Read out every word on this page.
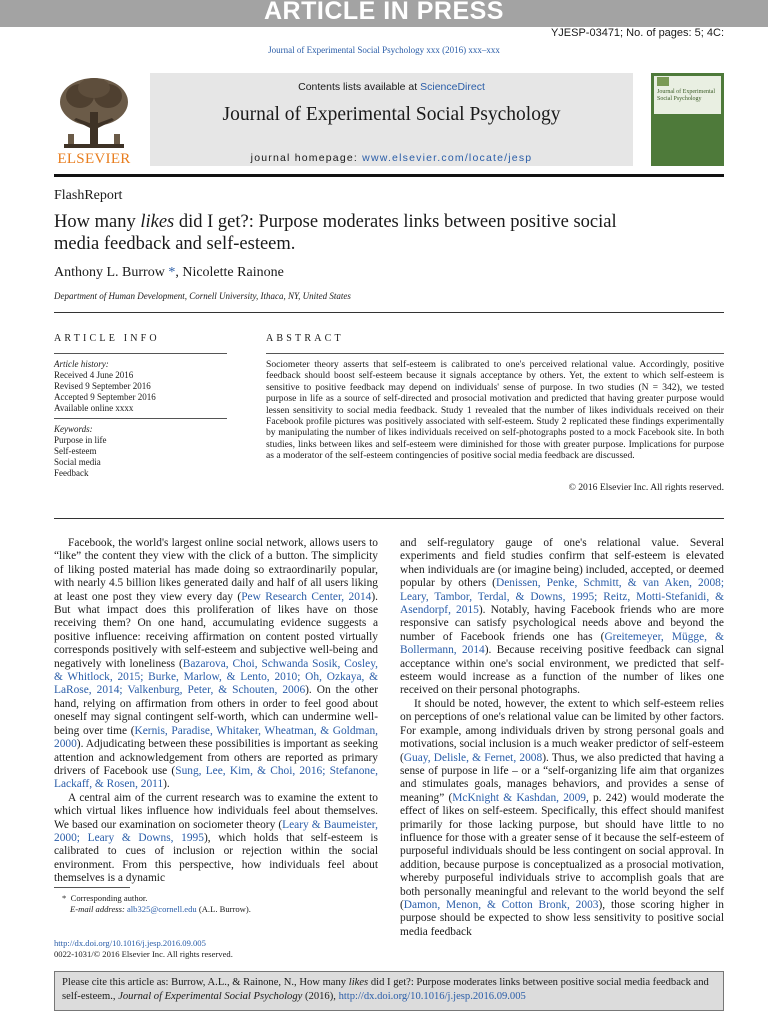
ARTICLE IN PRESS
YJESP-03471; No. of pages: 5; 4C:
Journal of Experimental Social Psychology xxx (2016) xxx–xxx
ELSEVIER
Contents lists available at ScienceDirect
Journal of Experimental Social Psychology
journal homepage: www.elsevier.com/locate/jesp
Journal of Experimental Social Psychology
FlashReport
How many likes did I get?: Purpose moderates links between positive social media feedback and self-esteem.
Anthony L. Burrow *, Nicolette Rainone
Department of Human Development, Cornell University, Ithaca, NY, United States
ARTICLE INFO	ABSTRACT
Article history:
Received 4 June 2016
Revised 9 September 2016
Accepted 9 September 2016
Available online xxxx
Keywords:
Purpose in life
Self-esteem
Social media
Feedback
Sociometer theory asserts that self-esteem is calibrated to one's perceived relational value. Accordingly, positive feedback should boost self-esteem because it signals acceptance by others. Yet, the extent to which self-esteem is sensitive to positive feedback may depend on individuals' sense of purpose. In two studies (N = 342), we tested purpose in life as a source of self-directed and prosocial motivation and predicted that having greater purpose would lessen sensitivity to social media feedback. Study 1 revealed that the number of likes individuals received on their Facebook profile pictures was positively associated with self-esteem. Study 2 replicated these findings experimentally by manipulating the number of likes individuals received on self-photographs posted to a mock Facebook site. In both studies, links between likes and self-esteem were diminished for those with greater purpose. Implications for purpose as a moderator of the self-esteem contingencies of positive social media feedback are discussed.
© 2016 Elsevier Inc. All rights reserved.

Facebook, the world's largest online social network, allows users to “like” the content they view with the click of a button. The simplicity of liking posted material has made doing so extraordinarily popular, with nearly 4.5 billion likes generated daily and half of all users liking at least one post they view every day (Pew Research Center, 2014). But what impact does this proliferation of likes have on those receiving them? On one hand, accumulating evidence suggests a positive influence: receiving affirmation on content posted virtually corresponds positively with self-esteem and subjective well-being and negatively with loneliness (Bazarova, Choi, Schwanda Sosik, Cosley, & Whitlock, 2015; Burke, Marlow, & Lento, 2010; Oh, Ozkaya, & LaRose, 2014; Valkenburg, Peter, & Schouten, 2006). On the other hand, relying on affirmation from others in order to feel good about oneself may signal contingent self-worth, which can undermine well-being over time (Kernis, Paradise, Whitaker, Wheatman, & Goldman, 2000). Adjudicating between these possibilities is important as seeking attention and acknowledgement from others are reported as primary drivers of Facebook use (Sung, Lee, Kim, & Choi, 2016; Stefanone, Lackaff, & Rosen, 2011).

A central aim of the current research was to examine the extent to which virtual likes influence how individuals feel about themselves. We based our examination on sociometer theory (Leary & Baumeister, 2000; Leary & Downs, 1995), which holds that self-esteem is calibrated to cues of inclusion or rejection within the social environment. From this perspective, how individuals feel about themselves is a dynamic

and self-regulatory gauge of one's relational value. Several experiments and field studies confirm that self-esteem is elevated when individuals are (or imagine being) included, accepted, or deemed popular by others (Denissen, Penke, Schmitt, & van Aken, 2008; Leary, Tambor, Terdal, & Downs, 1995; Reitz, Motti-Stefanidi, & Asendorpf, 2015). Notably, having Facebook friends who are more responsive can satisfy psychological needs above and beyond the number of Facebook friends one has (Greitemeyer, Mügge, & Bollermann, 2014). Because receiving positive feedback can signal acceptance within one's social environment, we predicted that self-esteem would increase as a function of the number of likes one received on their personal photographs.

It should be noted, however, the extent to which self-esteem relies on perceptions of one's relational value can be limited by other factors. For example, among individuals driven by strong personal goals and motivations, social inclusion is a much weaker predictor of self-esteem (Guay, Delisle, & Fernet, 2008). Thus, we also predicted that having a sense of purpose in life – or a “self-organizing life aim that organizes and stimulates goals, manages behaviors, and provides a sense of meaning” (McKnight & Kashdan, 2009, p. 242) would moderate the effect of likes on self-esteem. Specifically, this effect should manifest primarily for those lacking purpose, but should have little to no influence for those with a greater sense of it because the self-esteem of purposeful individuals should be less contingent on social approval. In addition, because purpose is conceptualized as a prosocial motivation, whereby purposeful individuals strive to accomplish goals that are both personally meaningful and relevant to the world beyond the self (Damon, Menon, & Cotton Bronk, 2003), those scoring higher in purpose should be expected to show less sensitivity to positive social media feedback

* Corresponding author.
E-mail address: alb325@cornell.edu (A.L. Burrow).
http://dx.doi.org/10.1016/j.jesp.2016.09.005
0022-1031/© 2016 Elsevier Inc. All rights reserved.
Please cite this article as: Burrow, A.L., & Rainone, N., How many likes did I get?: Purpose moderates links between positive social media feedback and self-esteem., Journal of Experimental Social Psychology (2016), http://dx.doi.org/10.1016/j.jesp.2016.09.005
